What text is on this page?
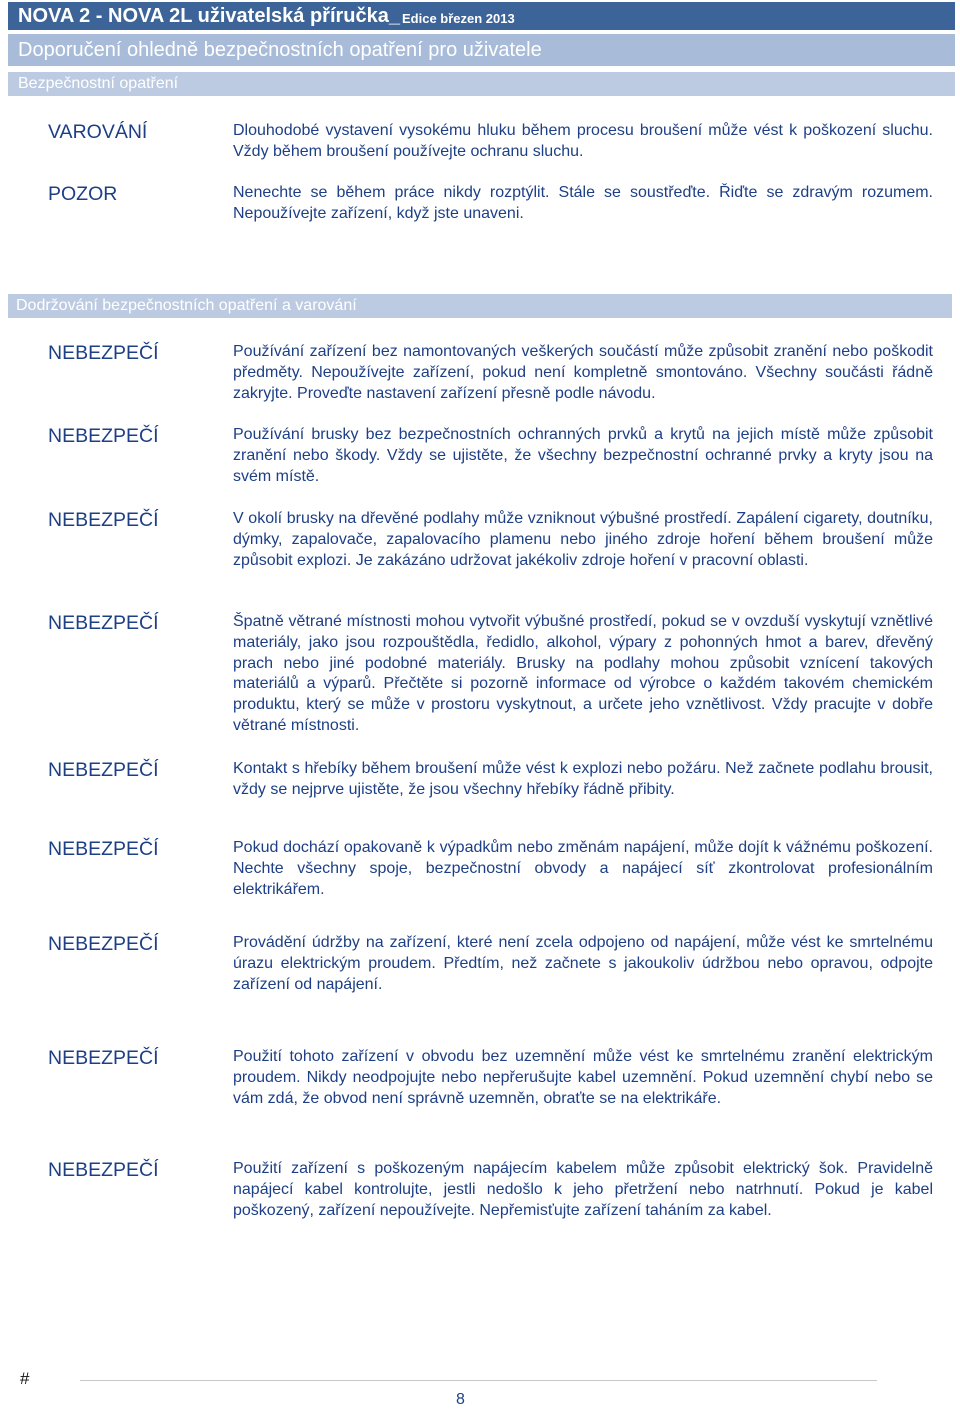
NOVA 2 - NOVA 2L uživatelská příručka_ Edice březen 2013
Doporučení ohledně bezpečnostních opatření pro uživatele
Bezpečnostní opatření
VAROVÁNÍ	Dlouhodobé vystavení vysokému hluku během procesu broušení může vést k poškození sluchu. Vždy během broušení používejte ochranu sluchu.

POZOR	Nenechte se během práce nikdy rozptýlit. Stále se soustřeďte. Řiďte se zdravým rozumem. Nepoužívejte zařízení, když jste unaveni.

Dodržování bezpečnostních opatření a varování
NEBEZPEČÍ	Používání zařízení bez namontovaných veškerých součástí může způsobit zranění nebo poškodit předměty. Nepoužívejte zařízení, pokud není kompletně smontováno. Všechny součásti řádně zakryjte. Proveďte nastavení zařízení přesně podle návodu.

NEBEZPEČÍ	Používání brusky bez bezpečnostních ochranných prvků a krytů na jejich místě může způsobit zranění nebo škody. Vždy se ujistěte, že všechny bezpečnostní ochranné prvky a kryty jsou na svém místě.

NEBEZPEČÍ	V okolí brusky na dřevěné podlahy může vzniknout výbušné prostředí. Zapálení cigarety, doutníku, dýmky, zapalovače, zapalovacího plamenu nebo jiného zdroje hoření během broušení může způsobit explozi. Je zakázáno udržovat jakékoliv zdroje hoření v pracovní oblasti.

NEBEZPEČÍ	Špatně větrané místnosti mohou vytvořit výbušné prostředí, pokud se v ovzduší vyskytují vznětlivé materiály, jako jsou rozpouštědla, ředidlo, alkohol, výpary z pohonných hmot a barev, dřevěný prach nebo jiné podobné materiály. Brusky na podlahy mohou způsobit vznícení takových materiálů a výparů. Přečtěte si pozorně informace od výrobce o každém takovém chemickém produktu, který se může v prostoru vyskytnout, a určete jeho vznětlivost. Vždy pracujte v dobře větrané místnosti.

NEBEZPEČÍ	Kontakt s hřebíky během broušení může vést k explozi nebo požáru. Než začnete podlahu brousit, vždy se nejprve ujistěte, že jsou všechny hřebíky řádně přibity.

NEBEZPEČÍ	Pokud dochází opakovaně k výpadkům nebo změnám napájení, může dojít k vážnému poškození. Nechte všechny spoje, bezpečnostní obvody a napájecí síť zkontrolovat profesionálním elektrikářem.

NEBEZPEČÍ	Provádění údržby na zařízení, které není zcela odpojeno od napájení, může vést ke smrtelnému úrazu elektrickým proudem. Předtím, než začnete s jakoukoliv údržbou nebo opravou, odpojte zařízení od napájení.

NEBEZPEČÍ	Použití tohoto zařízení v obvodu bez uzemnění může vést ke smrtelnému zranění elektrickým proudem. Nikdy neodpojujte nebo nepřerušujte kabel uzemnění. Pokud uzemnění chybí nebo se vám zdá, že obvod není správně uzemněn, obraťte se na elektrikáře.

NEBEZPEČÍ	Použití zařízení s poškozeným napájecím kabelem může způsobit elektrický šok. Pravidelně napájecí kabel kontrolujte, jestli nedošlo k jeho přetržení nebo natrhnutí. Pokud je kabel poškozený, zařízení nepoužívejte. Nepřemisťujte zařízení taháním za kabel.

#
8
